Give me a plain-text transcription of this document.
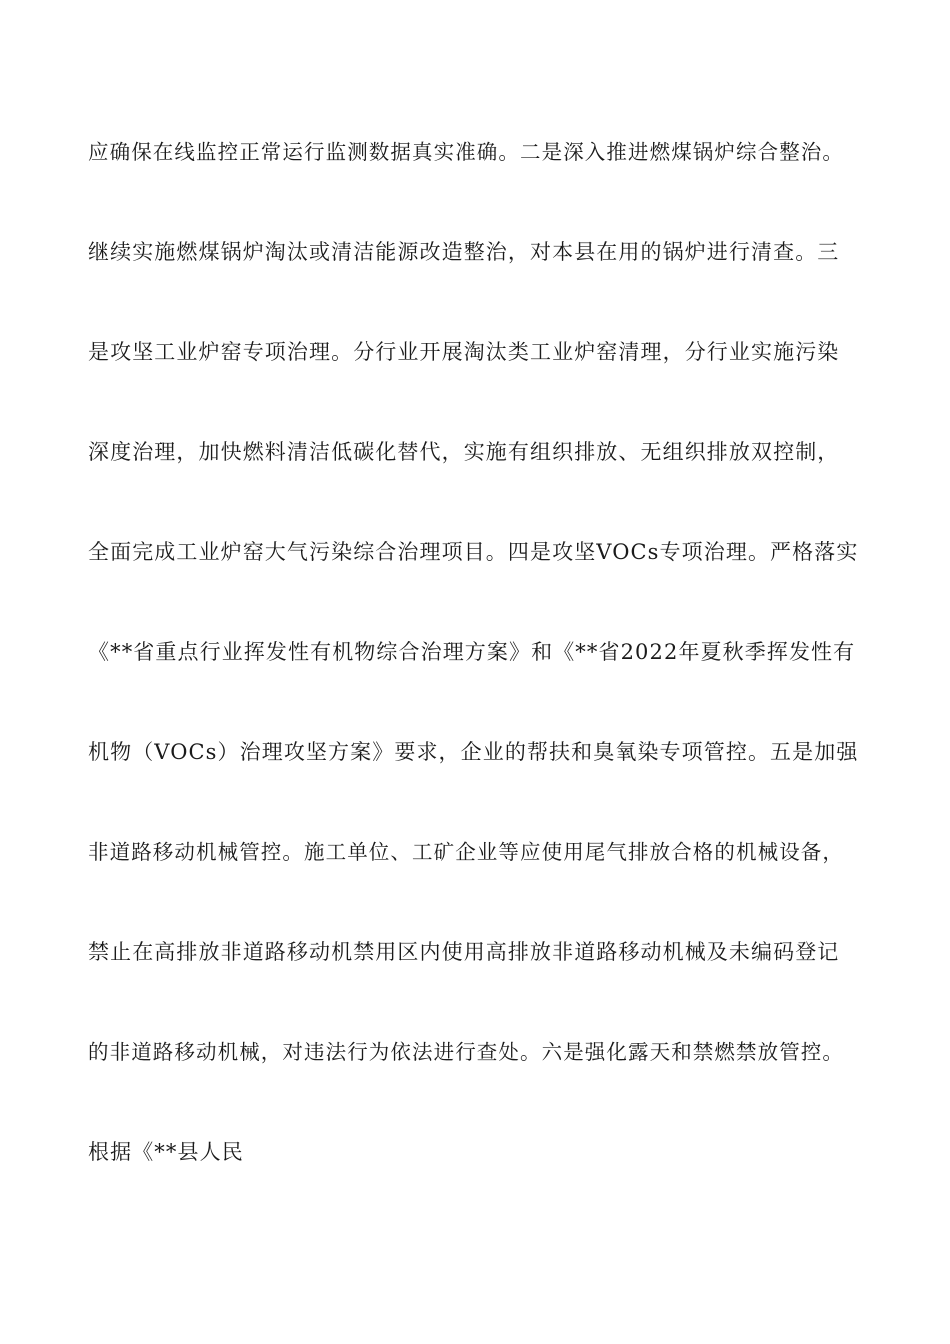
应确保在线监控正常运行监测数据真实准确。二是深入推进燃煤锅炉综合整治。
继续实施燃煤锅炉淘汰或清洁能源改造整治，对本县在用的锅炉进行清查。三
是攻坚工业炉窑专项治理。分行业开展淘汰类工业炉窑清理，分行业实施污染
深度治理，加快燃料清洁低碳化替代，实施有组织排放、无组织排放双控制，
全面完成工业炉窑大气污染综合治理项目。四是攻坚VOCs专项治理。严格落实
《**省重点行业挥发性有机物综合治理方案》和《**省2022年夏秋季挥发性有
机物（VOCs）治理攻坚方案》要求，企业的帮扶和臭氧染专项管控。五是加强
非道路移动机械管控。施工单位、工矿企业等应使用尾气排放合格的机械设备，
禁止在高排放非道路移动机禁用区内使用高排放非道路移动机械及未编码登记
的非道路移动机械，对违法行为依法进行查处。六是强化露天和禁燃禁放管控。
根据《**县人民
